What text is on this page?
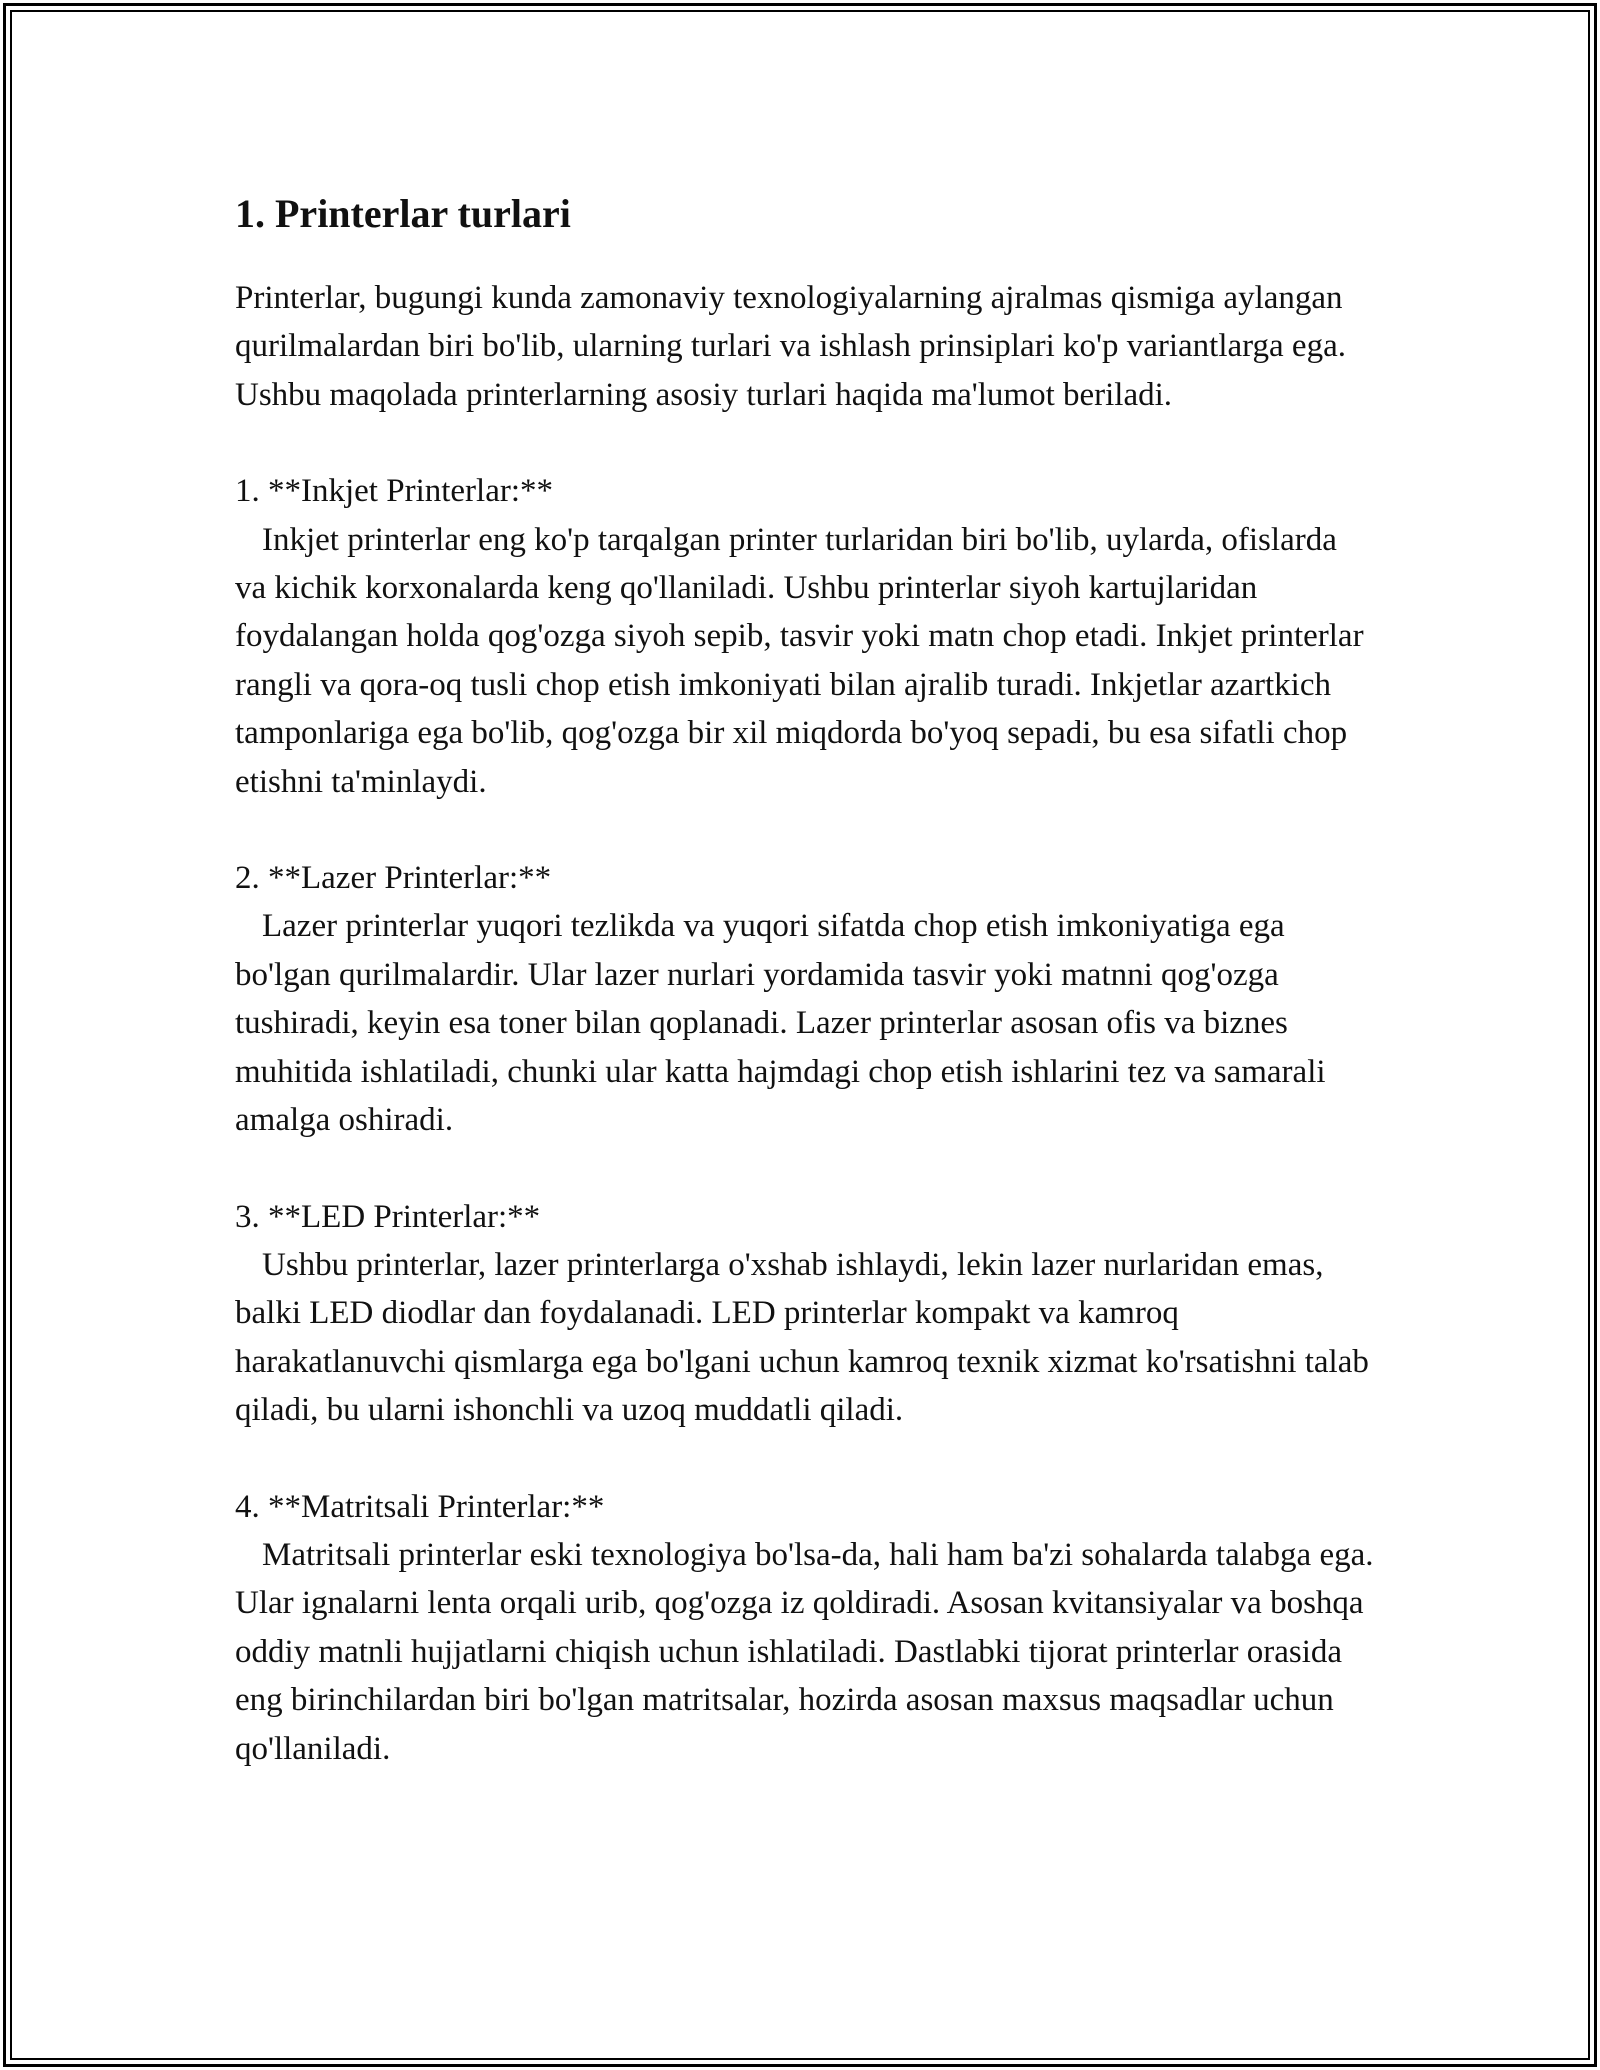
1. Printerlar turlari

Printerlar, bugungi kunda zamonaviy texnologiyalarning ajralmas qismiga aylangan qurilmalardan biri bo'lib, ularning turlari va ishlash prinsiplari ko'p variantlarga ega. Ushbu maqolada printerlarning asosiy turlari haqida ma'lumot beriladi.

1. **Inkjet Printerlar:**

Inkjet printerlar eng ko'p tarqalgan printer turlaridan biri bo'lib, uylarda, ofislarda va kichik korxonalarda keng qo'llaniladi. Ushbu printerlar siyoh kartujlaridan foydalangan holda qog'ozga siyoh sepib, tasvir yoki matn chop etadi. Inkjet printerlar rangli va qora-oq tusli chop etish imkoniyati bilan ajralib turadi. Inkjetlar azartkich tamponlariga ega bo'lib, qog'ozga bir xil miqdorda bo'yoq sepadi, bu esa sifatli chop etishni ta'minlaydi.

2. **Lazer Printerlar:**

Lazer printerlar yuqori tezlikda va yuqori sifatda chop etish imkoniyatiga ega bo'lgan qurilmalardir. Ular lazer nurlari yordamida tasvir yoki matnni qog'ozga tushiradi, keyin esa toner bilan qoplanadi. Lazer printerlar asosan ofis va biznes muhitida ishlatiladi, chunki ular katta hajmdagi chop etish ishlarini tez va samarali amalga oshiradi.

3. **LED Printerlar:**

Ushbu printerlar, lazer printerlarga o'xshab ishlaydi, lekin lazer nurlaridan emas, balki LED diodlar dan foydalanadi. LED printerlar kompakt va kamroq harakatlanuvchi qismlarga ega bo'lgani uchun kamroq texnik xizmat ko'rsatishni talab qiladi, bu ularni ishonchli va uzoq muddatli qiladi.

4. **Matritsali Printerlar:**

Matritsali printerlar eski texnologiya bo'lsa-da, hali ham ba'zi sohalarda talabga ega. Ular ignalarni lenta orqali urib, qog'ozga iz qoldiradi. Asosan kvitansiyalar va boshqa oddiy matnli hujjatlarni chiqish uchun ishlatiladi. Dastlabki tijorat printerlar orasida eng birinchilardan biri bo'lgan matritsalar, hozirda asosan maxsus maqsadlar uchun qo'llaniladi.
